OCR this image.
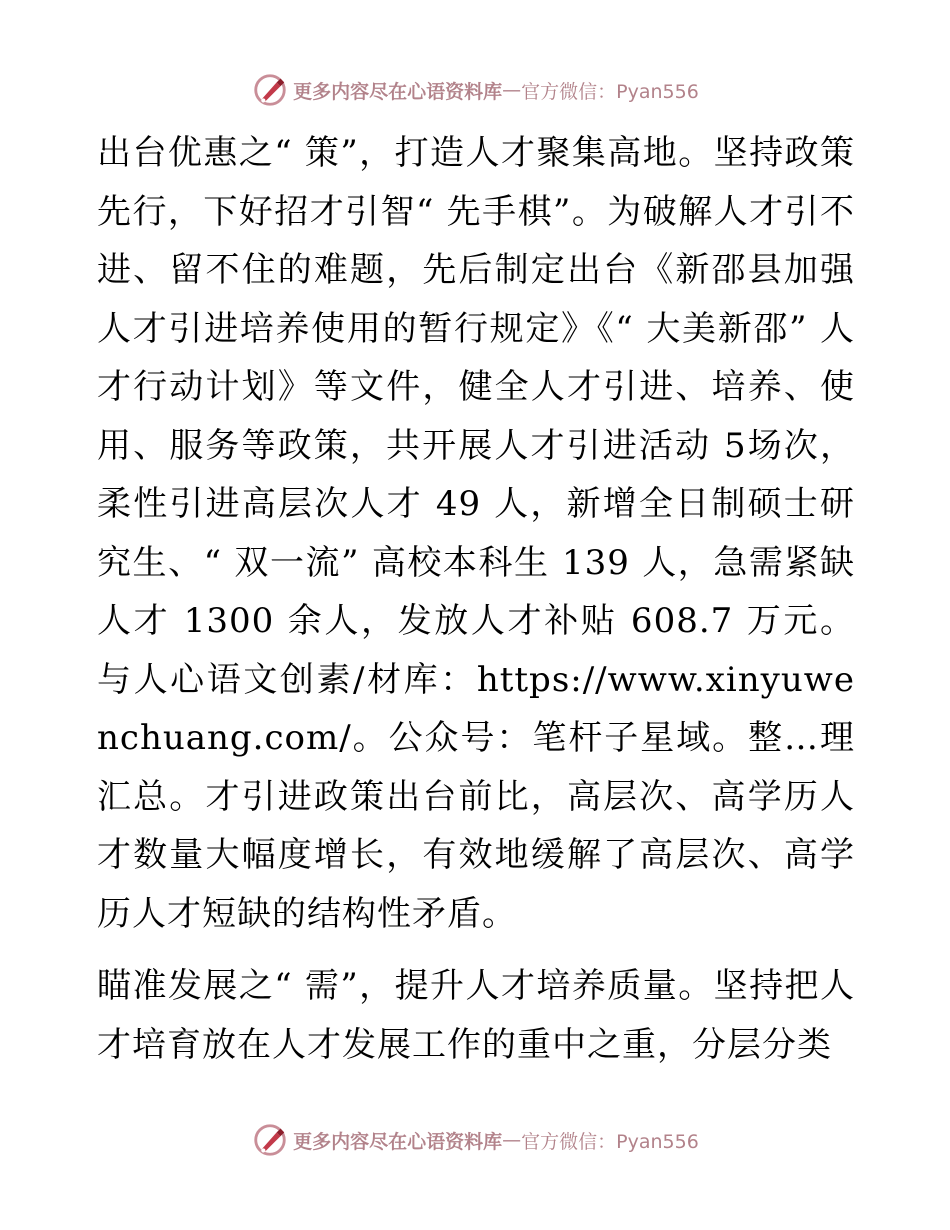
更多内容尽在心语资料库 — 官方微信：Pyan556

出台优惠之“ 策”，打造人才聚集高地。坚持政策先行，下好招才引智“ 先手棋”。为破解人才引不进、留不住的难题，先后制定出台《新邵县加强人才引进培养使用的暂行规定》《“ 大美新邵” 人才行动计划》等文件，健全人才引进、培养、使用、服务等政策，共开展人才引进活动 5场次，柔性引进高层次人才 49 人，新增全日制硕士研究生、“ 双一流” 高校本科生 139 人，急需紧缺人才 1300 余人，发放人才补贴 608.7 万元。与人心语文创素/材库：https://www.xinyuwenchuang.com/。公众号：笔杆子星域。整…理汇总。才引进政策出台前比，高层次、高学历人才数量大幅度增长，有效地缓解了高层次、高学历人才短缺的结构性矛盾。

瞄准发展之“ 需”，提升人才培养质量。坚持把人才培育放在人才发展工作的重中之重，分层分类

更多内容尽在心语资料库 — 官方微信：Pyan556
